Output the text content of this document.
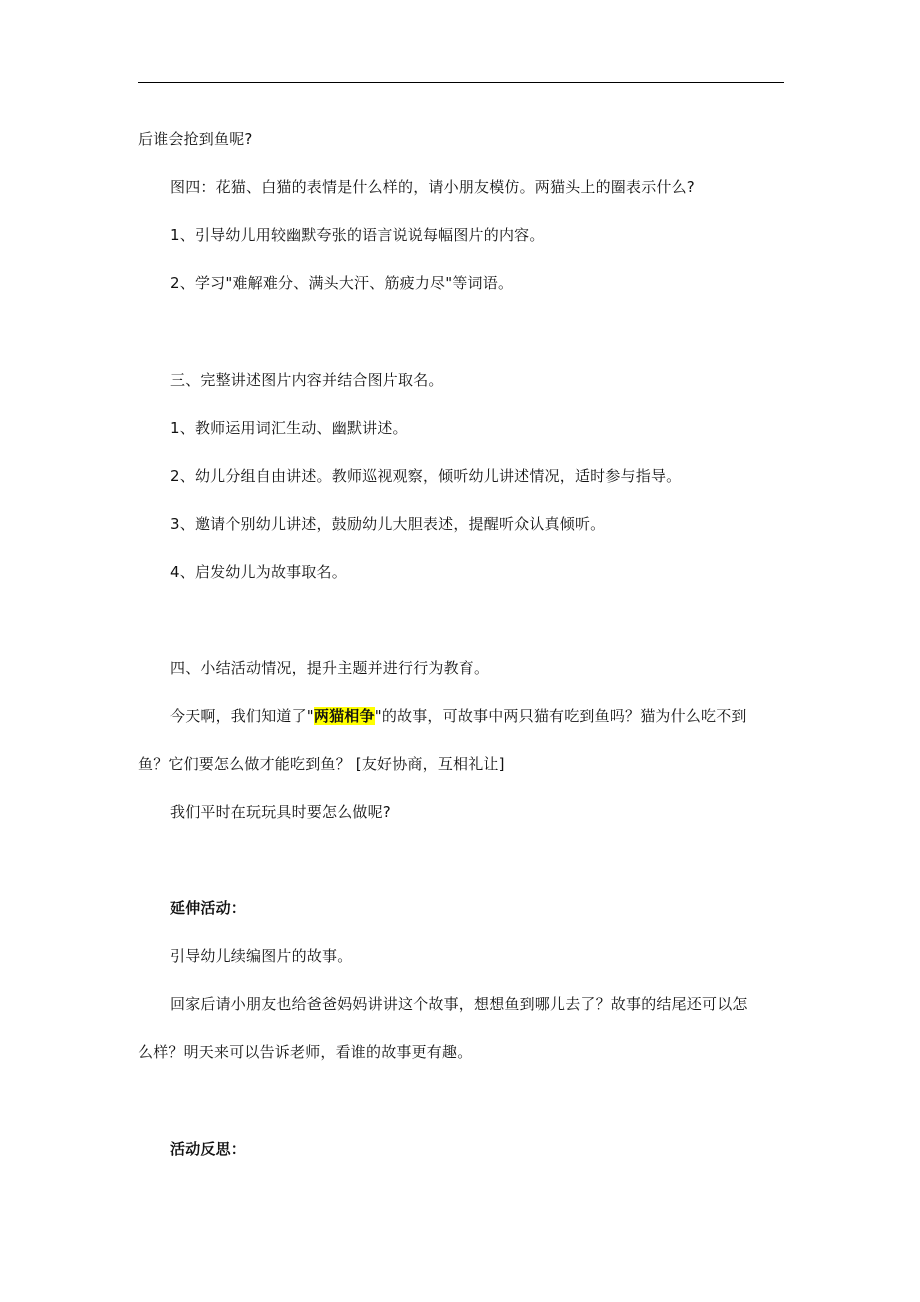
后谁会抢到鱼呢?
图四：花猫、白猫的表情是什么样的，请小朋友模仿。两猫头上的圈表示什么?
1、引导幼儿用较幽默夸张的语言说说每幅图片的内容。
2、学习"难解难分、满头大汗、筋疲力尽"等词语。
三、完整讲述图片内容并结合图片取名。
1、教师运用词汇生动、幽默讲述。
2、幼儿分组自由讲述。教师巡视观察，倾听幼儿讲述情况，适时参与指导。
3、邀请个别幼儿讲述，鼓励幼儿大胆表述，提醒听众认真倾听。
4、启发幼儿为故事取名。
四、小结活动情况，提升主题并进行行为教育。
今天啊，我们知道了"两猫相争"的故事，可故事中两只猫有吃到鱼吗？猫为什么吃不到
鱼？它们要怎么做才能吃到鱼？ [友好协商，互相礼让]
我们平时在玩玩具时要怎么做呢?
延伸活动：
引导幼儿续编图片的故事。
回家后请小朋友也给爸爸妈妈讲讲这个故事，想想鱼到哪儿去了？故事的结尾还可以怎
么样？明天来可以告诉老师，看谁的故事更有趣。
活动反思：
